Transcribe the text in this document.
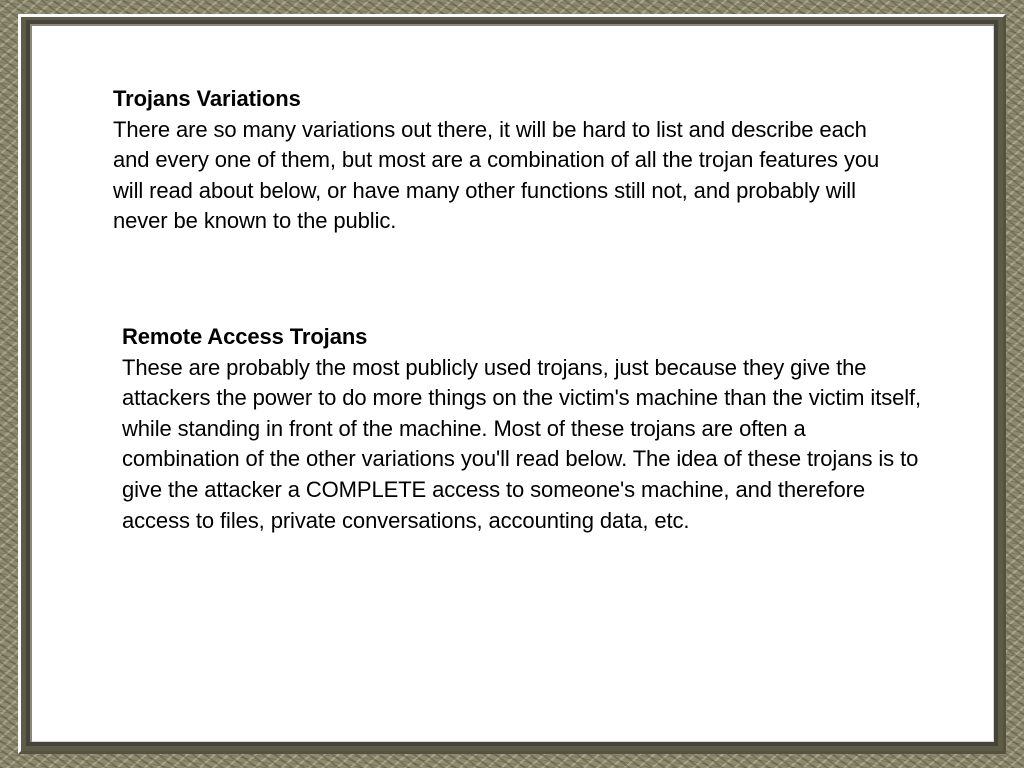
Trojans Variations
There are so many variations out there, it will be hard to list and describe each and every one of them, but most are a combination of all the trojan features you will read about below, or have many other functions still not, and probably will never be known to the public.
Remote Access Trojans
These are probably the most publicly used trojans, just because they give the attackers the power to do more things on the victim's machine than the victim itself, while standing in front of the machine. Most of these trojans are often a combination of the other variations you'll read below. The idea of these trojans is to give the attacker a COMPLETE access to someone's machine, and therefore access to files, private conversations, accounting data, etc.
